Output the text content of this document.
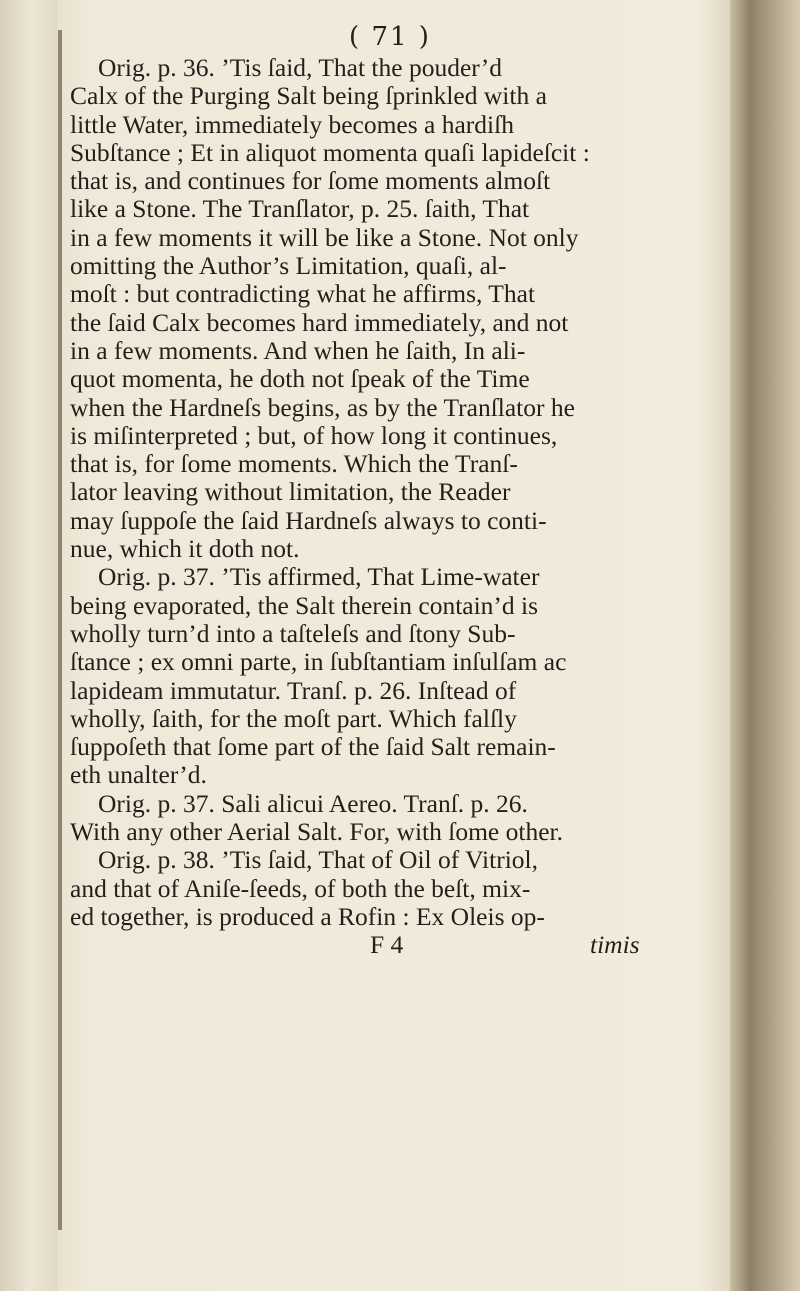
( 71 )
Orig. p. 36. ’Tis ſaid, That the pouder’d
Calx of the Purging Salt being ſprinkled with a
little Water, immediately becomes a hardiſh
Subſtance ; Et in aliquot momenta quaſi lapideſcit :
that is, and continues for ſome moments almoſt
like a Stone. The Tranſlator, p. 25. ſaith, That
in a few moments it will be like a Stone. Not only
omitting the Author’s Limitation, quaſi, al-
moſt : but contradicting what he affirms, That
the ſaid Calx becomes hard immediately, and not
in a few moments. And when he ſaith, In ali-
quot momenta, he doth not ſpeak of the Time
when the Hardneſs begins, as by the Tranſlator he
is miſinterpreted ; but, of how long it continues,
that is, for ſome moments. Which the Tranſ-
lator leaving without limitation, the Reader
may ſuppoſe the ſaid Hardneſs always to conti-
nue, which it doth not.
Orig. p. 37. ’Tis affirmed, That Lime-water
being evaporated, the Salt therein contain’d is
wholly turn’d into a taſteleſs and ſtony Sub-
ſtance ; ex omni parte, in ſubſtantiam inſulſam ac
lapideam immutatur. Tranſ. p. 26. Inſtead of
wholly, ſaith, for the moſt part. Which falſly
ſuppoſeth that ſome part of the ſaid Salt remain-
eth unalter’d.
Orig. p. 37. Sali alicui Aereo. Tranſ. p. 26.
With any other Aerial Salt. For, with ſome other.
Orig. p. 38. ’Tis ſaid, That of Oil of Vitriol,
and that of Aniſe-ſeeds, of both the beſt, mix-
ed together, is produced a Rofin : Ex Oleis op-
F 4	timis
